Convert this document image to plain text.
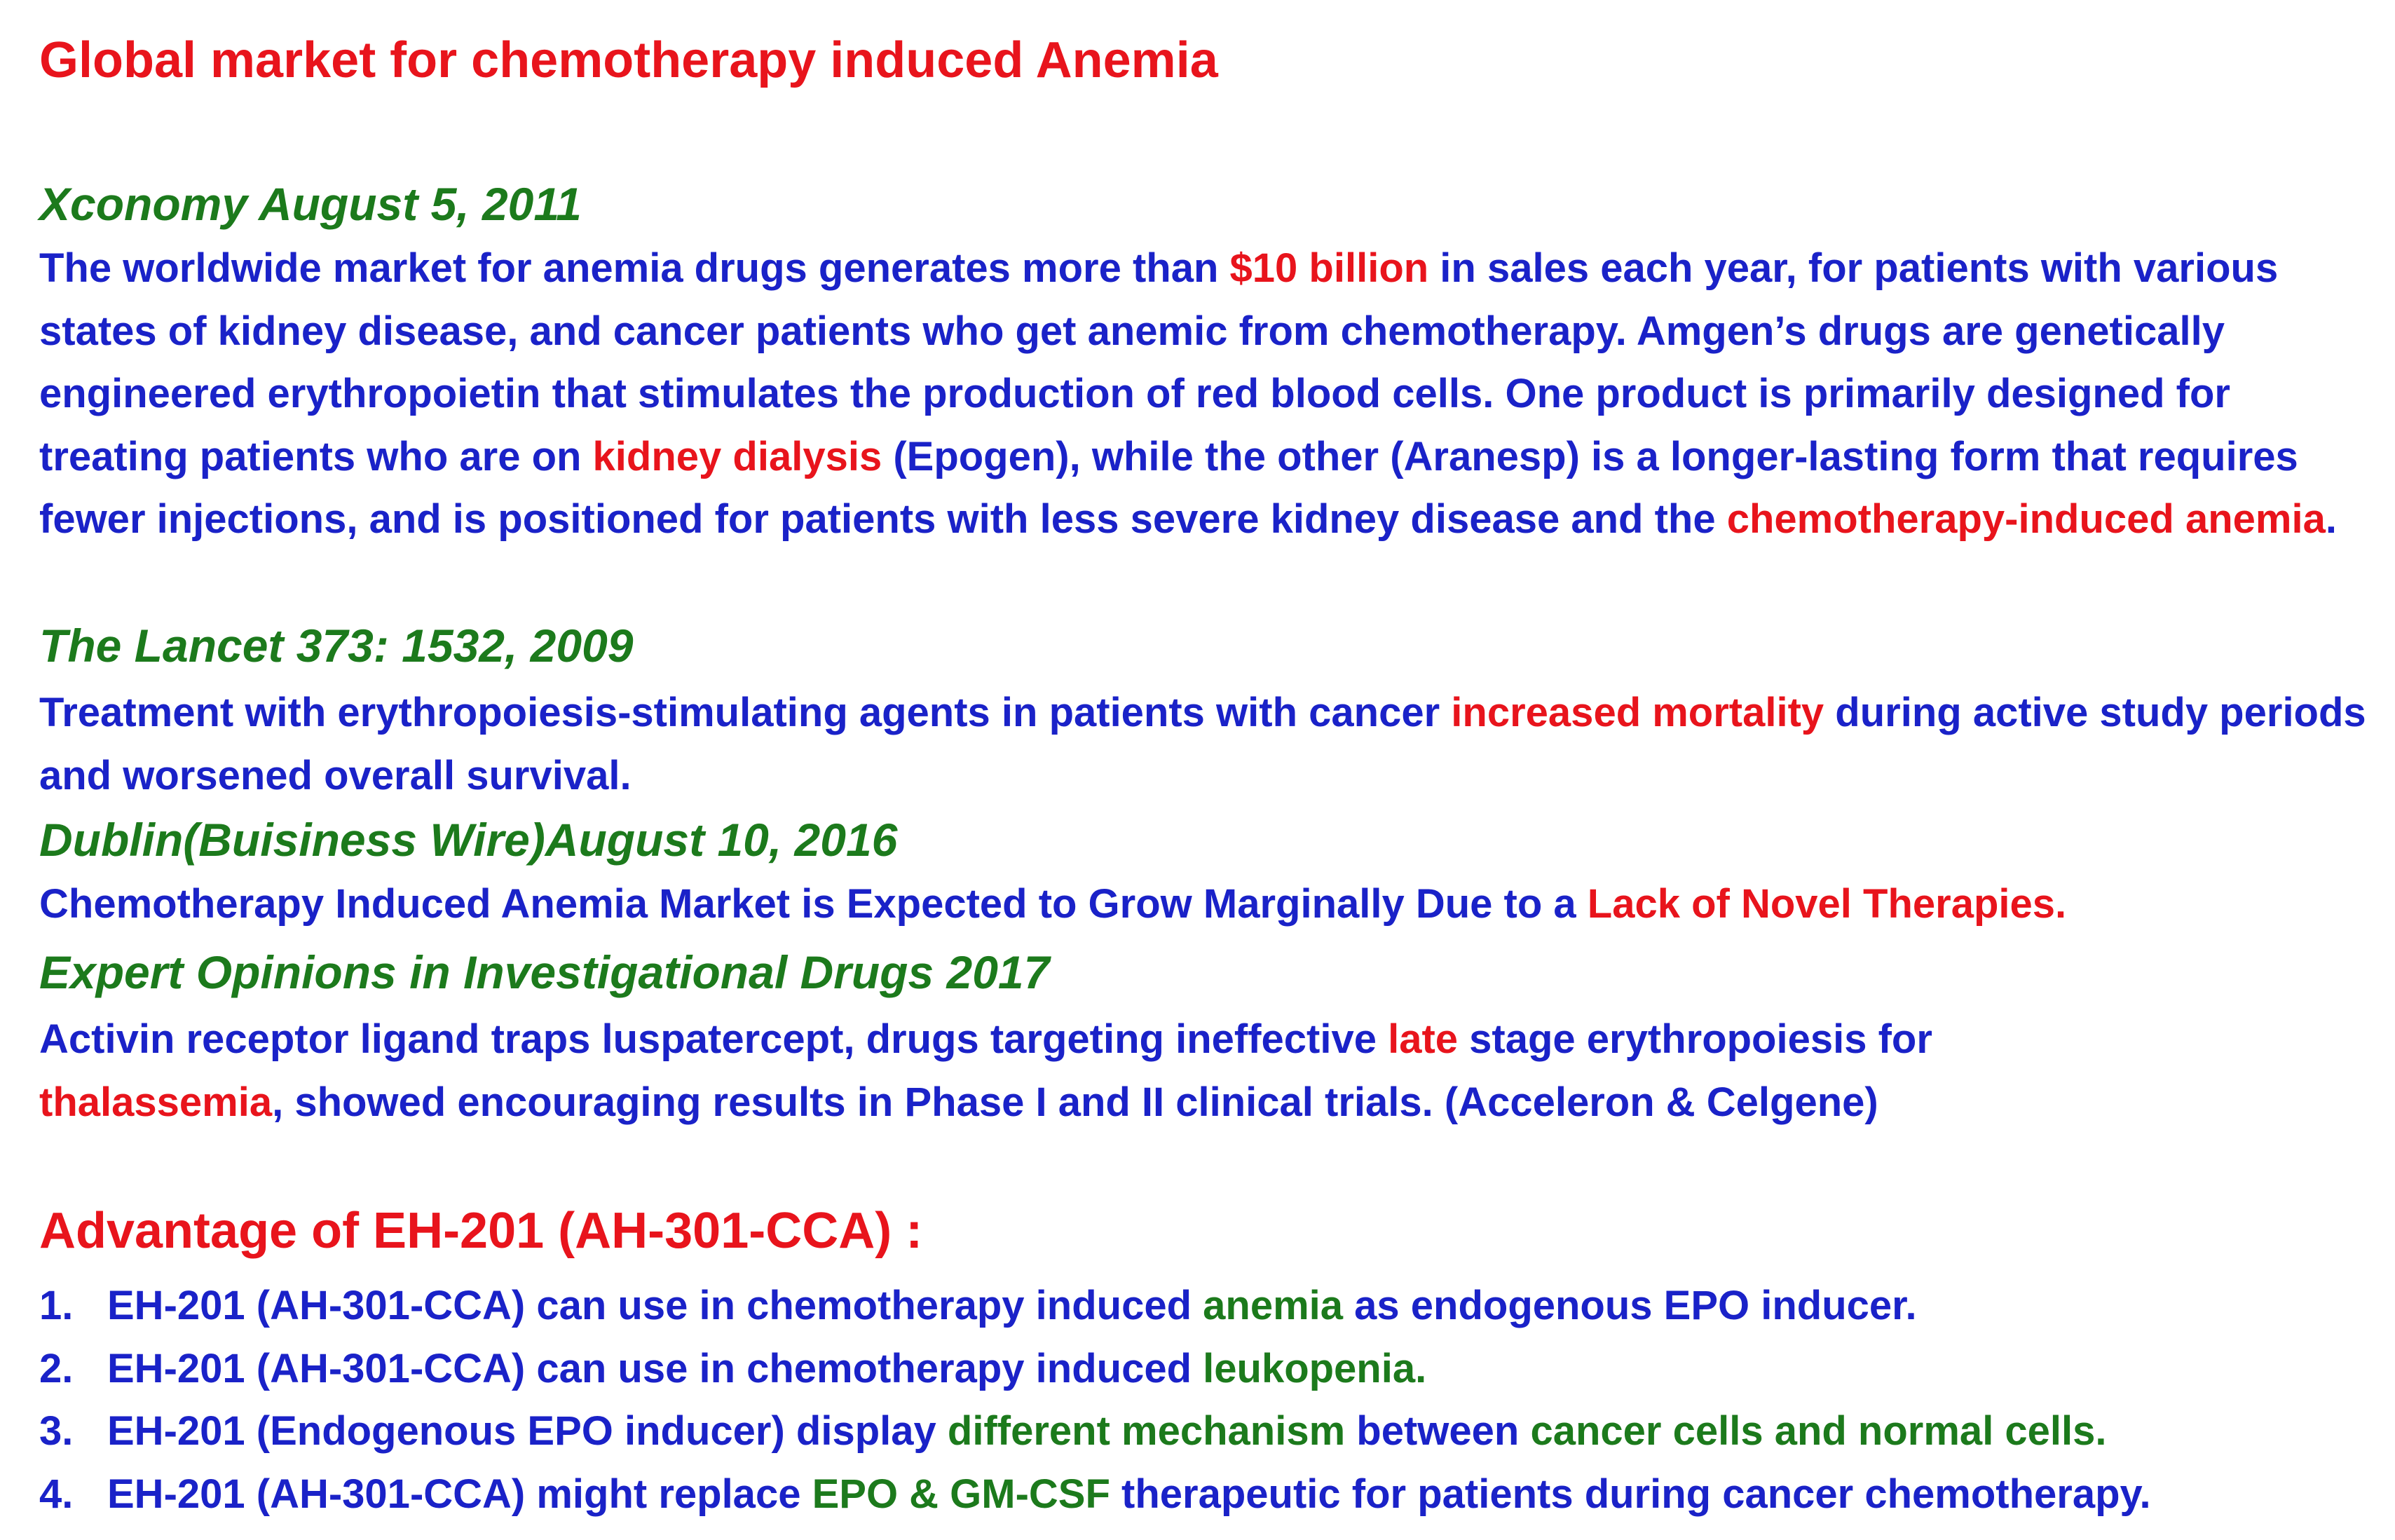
Global market for chemotherapy induced Anemia
Xconomy August 5, 2011

The worldwide market for anemia drugs generates more than $10 billion in sales each year, for patients with various states of kidney disease, and cancer patients who get anemic from chemotherapy. Amgen’s drugs are genetically engineered erythropoietin that stimulates the production of red blood cells. One product is primarily designed for treating patients who are on kidney dialysis (Epogen), while the other (Aranesp) is a longer-lasting form that requires fewer injections, and is positioned for patients with less severe kidney disease and the chemotherapy-induced anemia.

The Lancet 373: 1532, 2009

Treatment with erythropoiesis-stimulating agents in patients with cancer increased mortality during active study periods and worsened overall survival.

Dublin(Buisiness Wire)August 10, 2016

Chemotherapy Induced Anemia Market is Expected to Grow Marginally Due to a Lack of Novel Therapies.

Expert Opinions in Investigational Drugs 2017

Activin receptor ligand traps luspatercept, drugs targeting ineffective late stage erythropoiesis for
thalassemia, showed encouraging results in Phase I and II clinical trials. (Acceleron & Celgene)

Advantage of EH-201 (AH-301-CCA) :
1. EH-201 (AH-301-CCA) can use in chemotherapy induced anemia as endogenous EPO inducer.
2. EH-201 (AH-301-CCA) can use in chemotherapy induced leukopenia.
3. EH-201 (Endogenous EPO inducer) display different mechanism between cancer cells and normal cells.
4. EH-201 (AH-301-CCA) might replace EPO & GM-CSF therapeutic for patients during cancer chemotherapy.
